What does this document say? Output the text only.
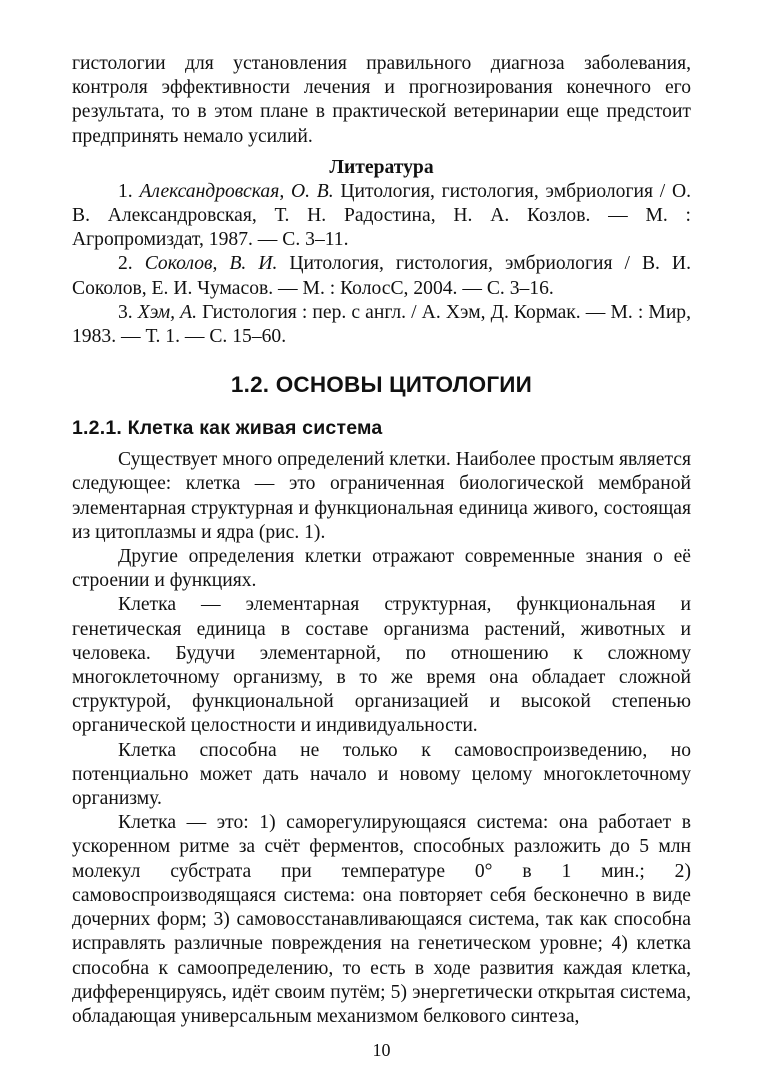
гистологии для установления правильного диагноза заболевания, контроля эффективности лечения и прогнозирования конечного его результата, то в этом плане в практической ветеринарии еще предстоит предпринять немало усилий.

Литература

1. Александровская, О. В. Цитология, гистология, эмбриология / О. В. Александровская, Т. Н. Радостина, Н. А. Козлов. — М. : Агропромиздат, 1987. — С. 3–11.

2. Соколов, В. И. Цитология, гистология, эмбриология / В. И. Соколов, Е. И. Чумасов. — М. : КолосС, 2004. — С. 3–16.

3. Хэм, А. Гистология : пер. с англ. / А. Хэм, Д. Кормак. — М. : Мир, 1983. — Т. 1. — С. 15–60.

1.2. ОСНОВЫ ЦИТОЛОГИИ
1.2.1. Клетка как живая система

Существует много определений клетки. Наиболее простым является следующее: клетка — это ограниченная биологической мембраной элементарная структурная и функциональная единица живого, состоящая из цитоплазмы и ядра (рис. 1).

Другие определения клетки отражают современные знания о её строении и функциях.

Клетка — элементарная структурная, функциональная и генетическая единица в составе организма растений, животных и человека. Будучи элементарной, по отношению к сложному многоклеточному организму, в то же время она обладает сложной структурой, функциональной организацией и высокой степенью органической целостности и индивидуальности.

Клетка способна не только к самовоспроизведению, но потенциально может дать начало и новому целому многоклеточному организму.

Клетка — это: 1) саморегулирующаяся система: она работает в ускоренном ритме за счёт ферментов, способных разложить до 5 млн молекул субстрата при температуре 0° в 1 мин.; 2) самовоспроизводящаяся система: она повторяет себя бесконечно в виде дочерних форм; 3) самовосстанавливающаяся система, так как способна исправлять различные повреждения на генетическом уровне; 4) клетка способна к самоопределению, то есть в ходе развития каждая клетка, дифференцируясь, идёт своим путём; 5) энергетически открытая система, обладающая универсальным механизмом белкового синтеза,

10
